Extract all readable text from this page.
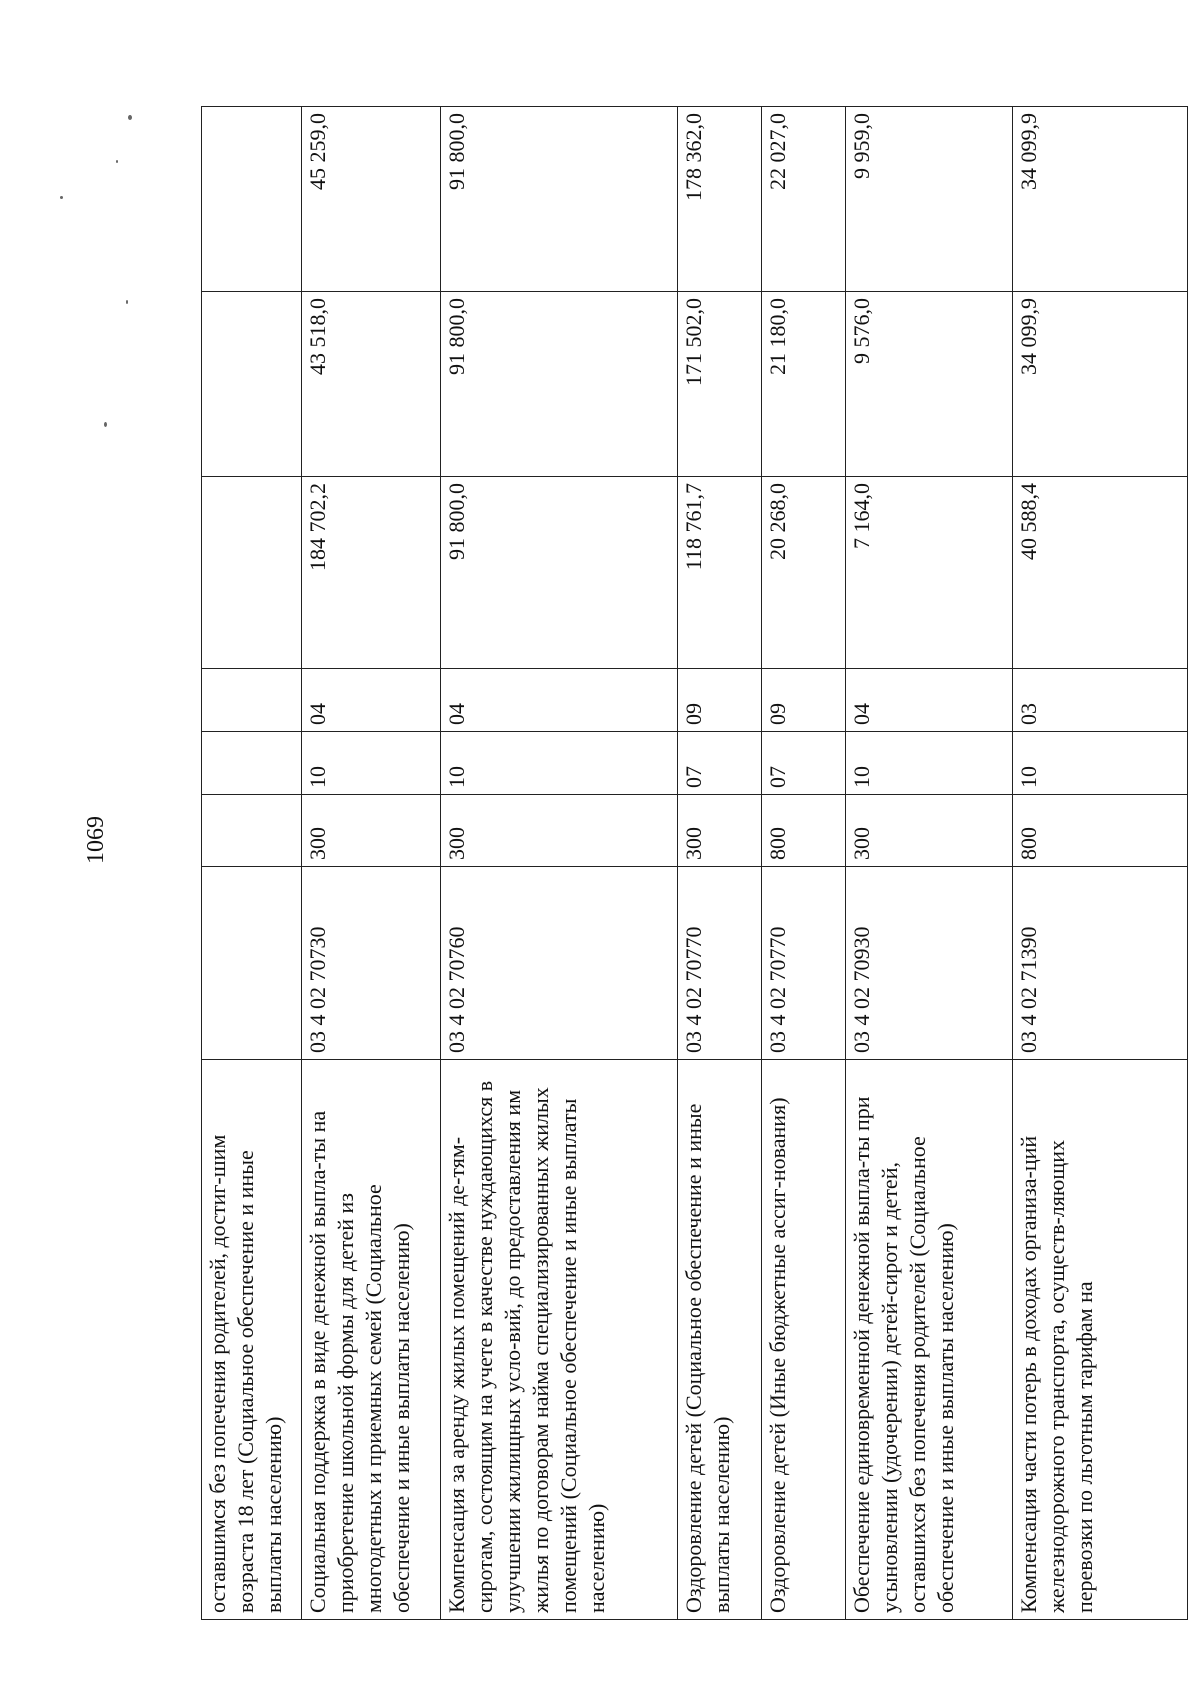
1069
оставшимся без попечения родителей, достиг-шим возраста 18 лет (Социальное обеспечение и иные выплаты населению)							
Социальная поддержка в виде денежной выпла-ты на приобретение школьной формы для детей из многодетных и приемных семей (Социальное обеспечение и иные выплаты населению)	03 4 02 70730	300	10	04	184 702,2	43 518,0	45 259,0
Компенсация за аренду жилых помещений де-тям-сиротам, состоящим на учете в качестве нуждающихся в улучшении жилищных усло-вий, до предоставления им жилья по договорам найма специализированных жилых помещений (Социальное обеспечение и иные выплаты населению)	03 4 02 70760	300	10	04	91 800,0	91 800,0	91 800,0
Оздоровление детей (Социальное обеспечение и иные выплаты населению)	03 4 02 70770	300	07	09	118 761,7	171 502,0	178 362,0
Оздоровление детей (Иные бюджетные ассиг-нования)	03 4 02 70770	800	07	09	20 268,0	21 180,0	22 027,0
Обеспечение единовременной денежной выпла-ты при усыновлении (удочерении) детей-сирот и детей, оставшихся без попечения родителей (Социальное обеспечение и иные выплаты населению)	03 4 02 70930	300	10	04	7 164,0	9 576,0	9 959,0
Компенсация части потерь в доходах организа-ций железнодорожного транспорта, осуществ-ляющих перевозки по льготным тарифам на	03 4 02 71390	800	10	03	40 588,4	34 099,9	34 099,9
